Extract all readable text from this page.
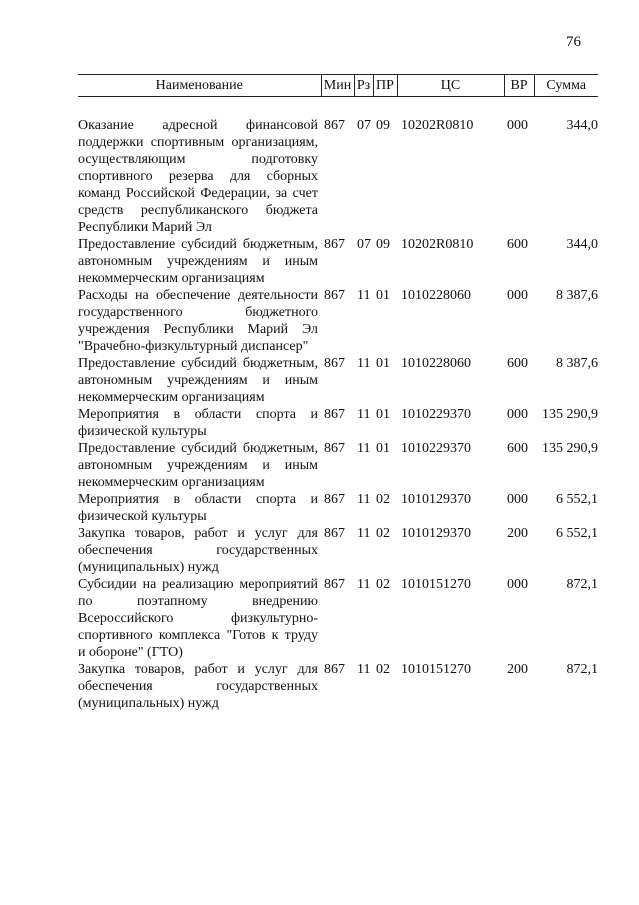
76
Наименование	Мин	Рз	ПР	ЦС	ВР	Сумма

Оказание адресной финансовой поддержки спортивным организациям, осуществляющим подготовку спортивного резерва для сборных команд Российской Федерации, за счет средств республиканского бюджета Республики Марий Эл	867	07	09	10202R0810	000	344,0
Предоставление субсидий бюджетным, автономным учреждениям и иным некоммерческим организациям	867	07	09	10202R0810	600	344,0
Расходы на обеспечение деятельности государственного бюджетного учреждения Республики Марий Эл "Врачебно-физкультурный диспансер"	867	11	01	1010228060	000	8 387,6
Предоставление субсидий бюджетным, автономным учреждениям и иным некоммерческим организациям	867	11	01	1010228060	600	8 387,6
Мероприятия в области спорта и физической культуры	867	11	01	1010229370	000	135 290,9
Предоставление субсидий бюджетным, автономным учреждениям и иным некоммерческим организациям	867	11	01	1010229370	600	135 290,9
Мероприятия в области спорта и физической культуры	867	11	02	1010129370	000	6 552,1
Закупка товаров, работ и услуг для обеспечения государственных (муниципальных) нужд	867	11	02	1010129370	200	6 552,1
Субсидии на реализацию мероприятий по поэтапному внедрению Всероссийского физкультурно-спортивного комплекса "Готов к труду и обороне" (ГТО)	867	11	02	1010151270	000	872,1
Закупка товаров, работ и услуг для обеспечения государственных (муниципальных) нужд	867	11	02	1010151270	200	872,1
